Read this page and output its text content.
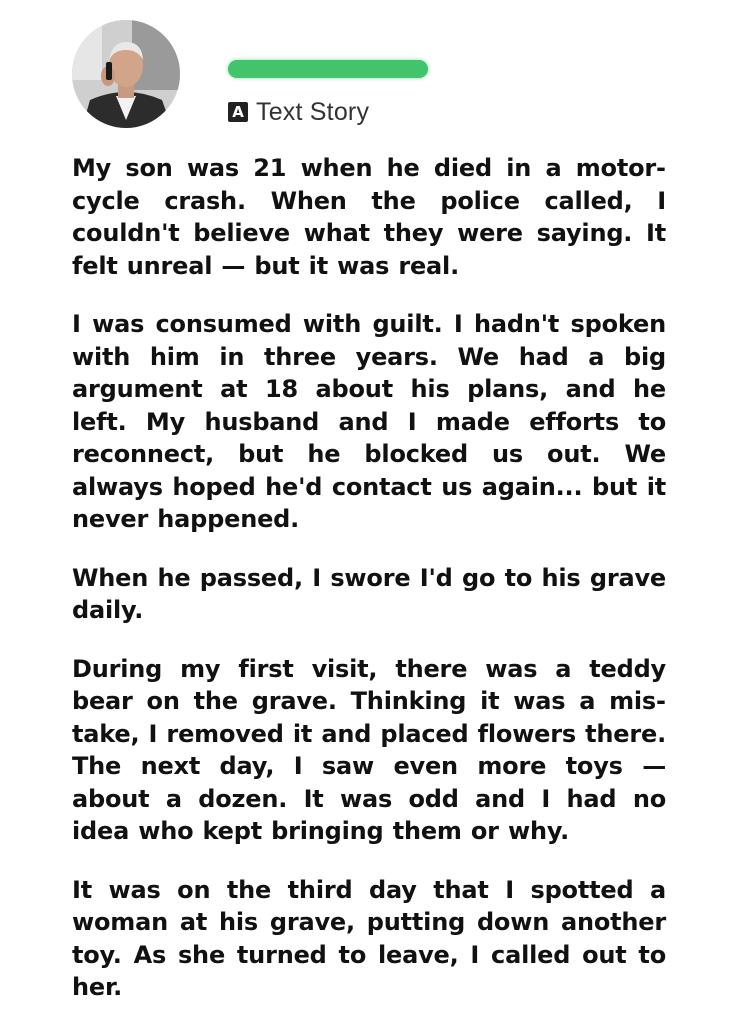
A Text Story

My son was 21 when he died in a motorcycle crash. When the police called, I couldn't believe what they were saying. It felt unreal — but it was real.

I was consumed with guilt. I hadn't spoken with him in three years. We had a big argument at 18 about his plans, and he left. My husband and I made efforts to reconnect, but he blocked us out. We always hoped he'd contact us again... but it never happened.

When he passed, I swore I'd go to his grave daily.

During my first visit, there was a teddy bear on the grave. Thinking it was a mistake, I removed it and placed flowers there. The next day, I saw even more toys — about a dozen. It was odd and I had no idea who kept bringing them or why.

It was on the third day that I spotted a woman at his grave, putting down another toy. As she turned to leave, I called out to her.
